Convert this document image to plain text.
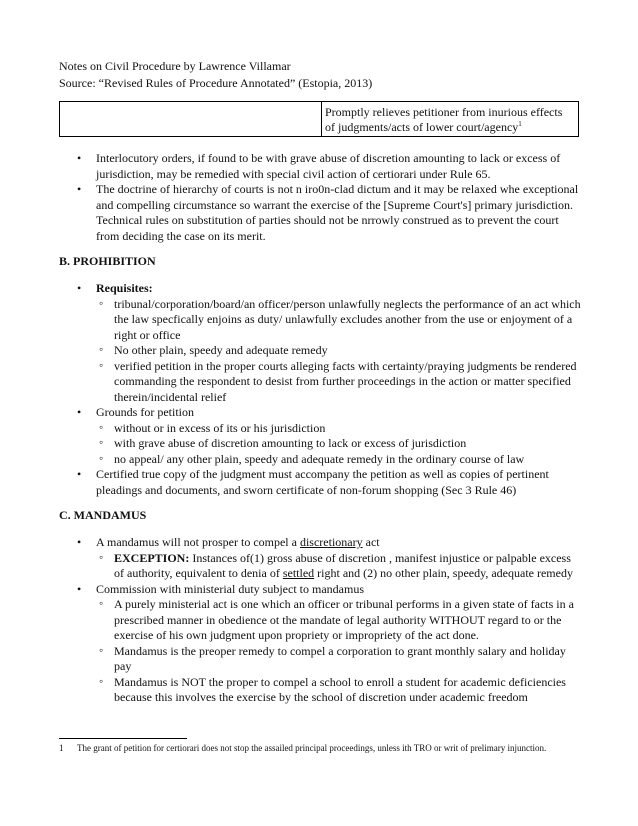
Notes on Civil Procedure by Lawrence Villamar
Source: “Revised Rules of Procedure Annotated” (Estopia, 2013)
	Promptly relieves petitioner from inurious effects
of judgments/acts of lower court/agency$^1$
• Interlocutory orders, if found to be with grave abuse of discretion amounting to lack or excess of jurisdiction, may be remedied with special civil action of certiorari under Rule 65.
• The doctrine of hierarchy of courts is not n iro0n-clad dictum and it may be relaxed whe exceptional and compelling circumstance so warrant the exercise of the [Supreme Court's] primary jurisdiction. Technical rules on substitution of parties should not be nrrowly construed as to prevent the court from deciding the case on its merit.
B. PROHIBITION
• Requisites:
◦ tribunal/corporation/board/an officer/person unlawfully neglects the performance of an act which the law specfically enjoins as duty/ unlawfully excludes another from the use or enjoyment of a right or office
◦ No other plain, speedy and adequate remedy
◦ verified petition in the proper courts alleging facts with certainty/praying judgments be rendered commanding the respondent to desist from further proceedings in the action or matter specified therein/incidental relief
• Grounds for petition
◦ without or in excess of its or his jurisdiction
◦ with grave abuse of discretion amounting to lack or excess of jurisdiction
◦ no appeal/ any other plain, speedy and adequate remedy in the ordinary course of law
• Certified true copy of the judgment must accompany the petition as well as copies of pertinent pleadings and documents, and sworn certificate of non-forum shopping (Sec 3 Rule 46)
C. MANDAMUS
• A mandamus will not prosper to compel a discretionary act
◦ EXCEPTION: Instances of(1) gross abuse of discretion , manifest injustice or palpable excess of authority, equivalent to denia of settled right and (2) no other plain, speedy, adequate remedy
• Commission with ministerial duty subject to mandamus
◦ A purely ministerial act is one which an officer or tribunal performs in a given state of facts in a prescribed manner in obedience ot the mandate of legal authority WITHOUT regard to or the exercise of his own judgment upon propriety or impropriety of the act done.
◦ Mandamus is the preoper remedy to compel a corporation to grant monthly salary and holiday pay
◦ Mandamus is NOT the proper to compel a school to enroll a student for academic deficiencies because this involves the exercise by the school of discretion under academic freedom
1	The grant of petition for certiorari does not stop the assailed principal proceedings, unless ith TRO or writ of prelimary injunction.
